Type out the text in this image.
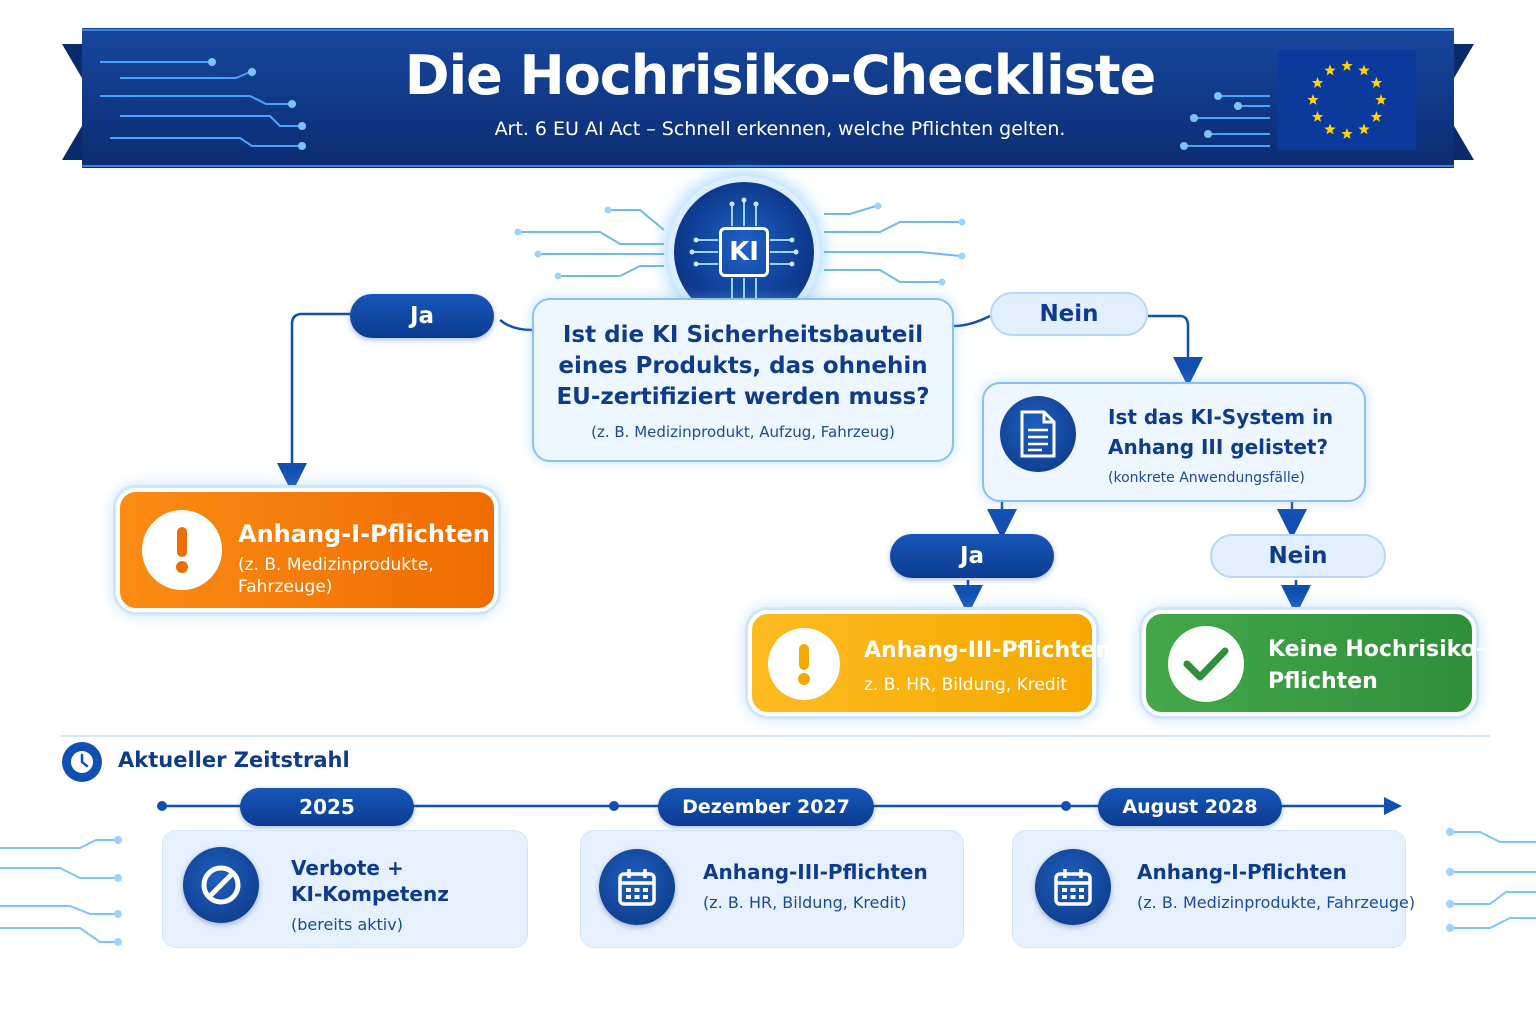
Die Hochrisiko-Checkliste
Art. 6 EU AI Act – Schnell erkennen, welche Pflichten gelten.
KI
Ist die KI Sicherheitsbauteil
eines Produkts, das ohnehin
EU-zertifiziert werden muss?
(z. B. Medizinprodukt, Aufzug, Fahrzeug)
Ja	Nein
Ist das KI-System in
Anhang III gelistet?
(konkrete Anwendungsfälle)
Ja	Nein
Anhang-I-Pflichten
(z. B. Medizinprodukte,
Fahrzeuge)
Anhang-III-Pflichten
z. B. HR, Bildung, Kredit
Keine Hochrisiko-
Pflichten
Aktueller Zeitstrahl
2025	Dezember 2027	August 2028
Verbote +
KI-Kompetenz
(bereits aktiv)
Anhang-III-Pflichten
(z. B. HR, Bildung, Kredit)
Anhang-I-Pflichten
(z. B. Medizinprodukte, Fahrzeuge)
